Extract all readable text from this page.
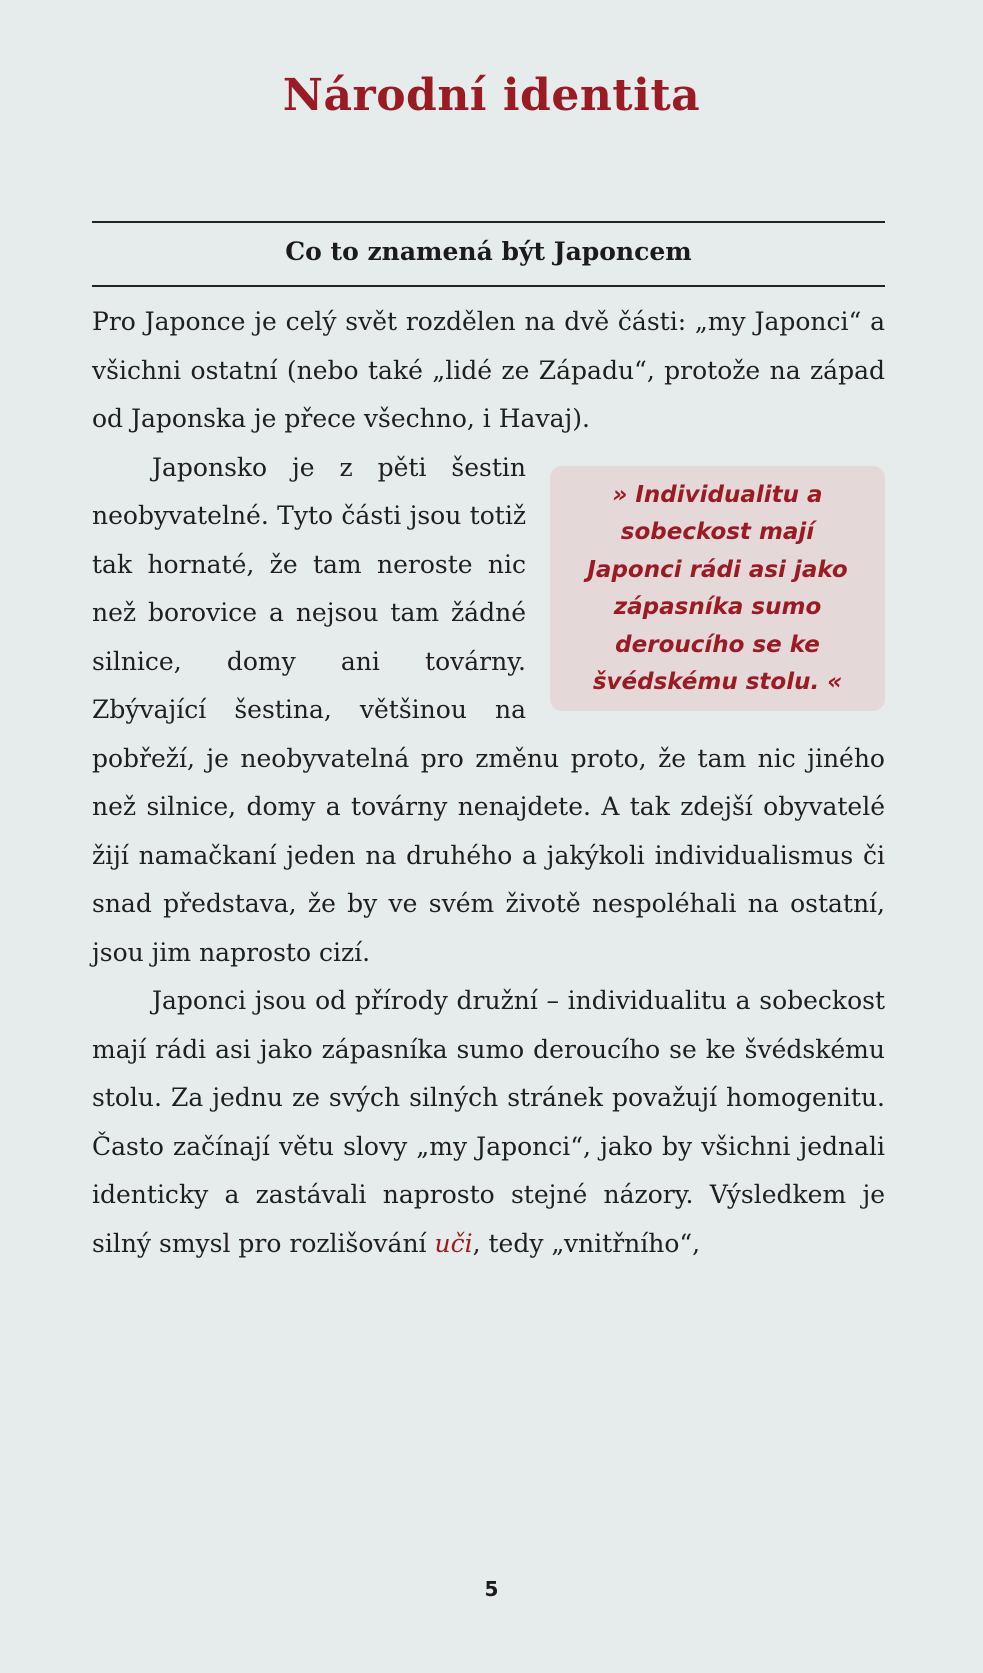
Národní identita
Co to znamená být Japoncem

Pro Japonce je celý svět rozdělen na dvě části: „my Japonci“ a všichni ostatní (nebo také „lidé ze Západu“, protože na západ od Japonska je přece všechno, i Havaj).

» Individualitu a
sobeckost mají
Japonci rádi asi jako
zápasníka sumo
deroucího se ke
švédskému stolu. «
Japonsko je z pěti šestin neobyvatelné. Tyto části jsou totiž tak hornaté, že tam neroste nic než borovice a nejsou tam žádné silnice, domy ani továrny. Zbývající šestina, většinou na pobřeží, je neobyvatelná pro změnu proto, že tam nic jiného než silnice, domy a továrny nenajdete. A tak zdejší obyvatelé žijí namačkaní jeden na druhého a jakýkoli individualismus či snad představa, že by ve svém životě nespoléhali na ostatní, jsou jim naprosto cizí.

Japonci jsou od přírody družní – individualitu a sobeckost mají rádi asi jako zápasníka sumo deroucího se ke švédskému stolu. Za jednu ze svých silných stránek považují homogenitu. Často začínají větu slovy „my Japonci“, jako by všichni jednali identicky a zastávali naprosto stejné názory. Výsledkem je silný smysl pro rozlišování uči, tedy „vnitřního“,

5
